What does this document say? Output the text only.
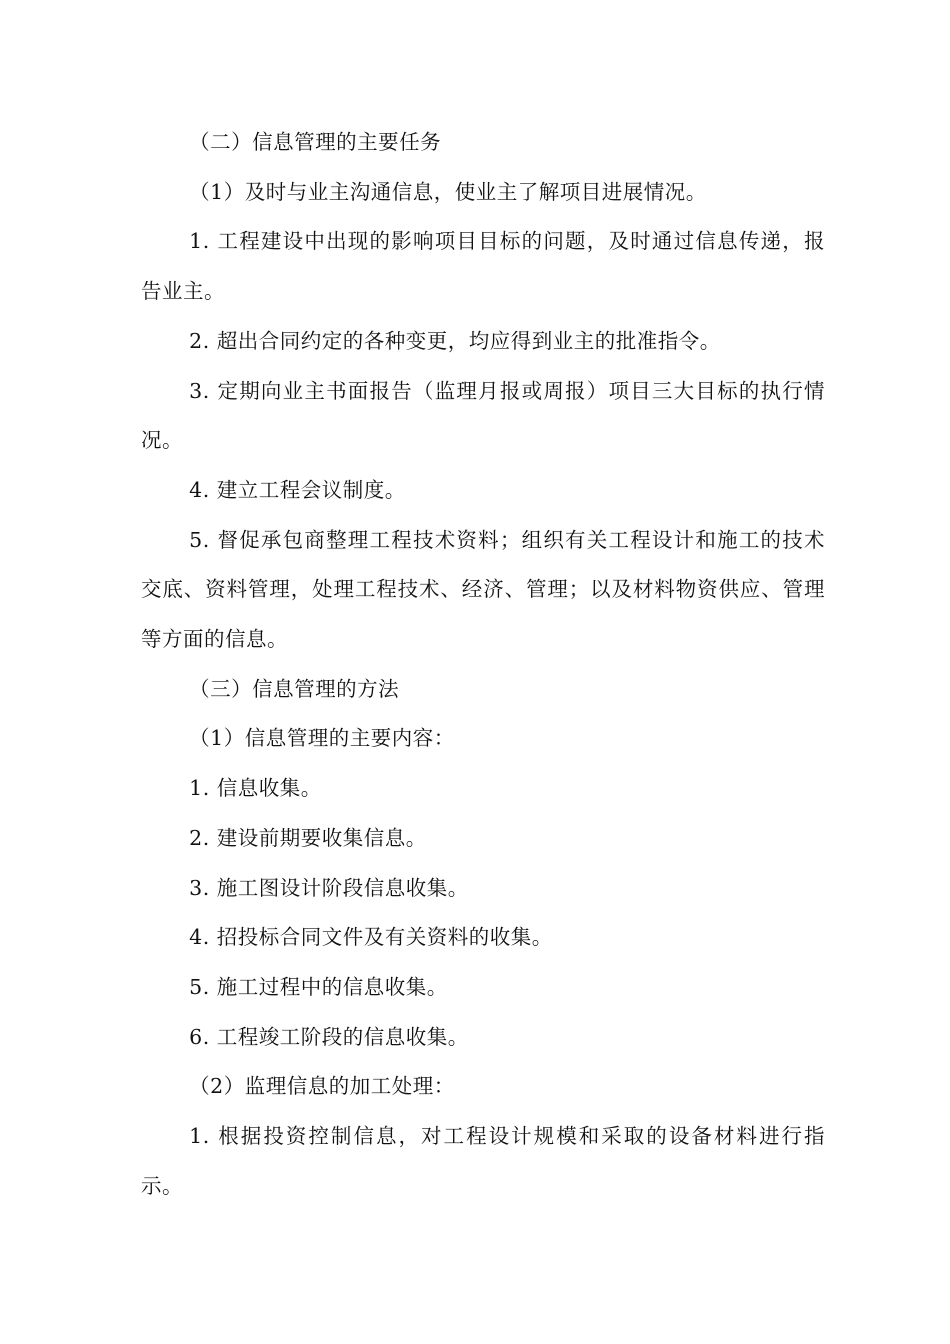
（二）信息管理的主要任务

（1）及时与业主沟通信息，使业主了解项目进展情况。

1. 工程建设中出现的影响项目目标的问题，及时通过信息传递，报告业主。

2. 超出合同约定的各种变更，均应得到业主的批准指令。

3. 定期向业主书面报告（监理月报或周报）项目三大目标的执行情况。

4. 建立工程会议制度。

5. 督促承包商整理工程技术资料；组织有关工程设计和施工的技术交底、资料管理，处理工程技术、经济、管理；以及材料物资供应、管理等方面的信息。

（三）信息管理的方法

（1）信息管理的主要内容：

1. 信息收集。

2. 建设前期要收集信息。

3. 施工图设计阶段信息收集。

4. 招投标合同文件及有关资料的收集。

5. 施工过程中的信息收集。

6. 工程竣工阶段的信息收集。

（2）监理信息的加工处理：

1. 根据投资控制信息，对工程设计规模和采取的设备材料进行指示。
